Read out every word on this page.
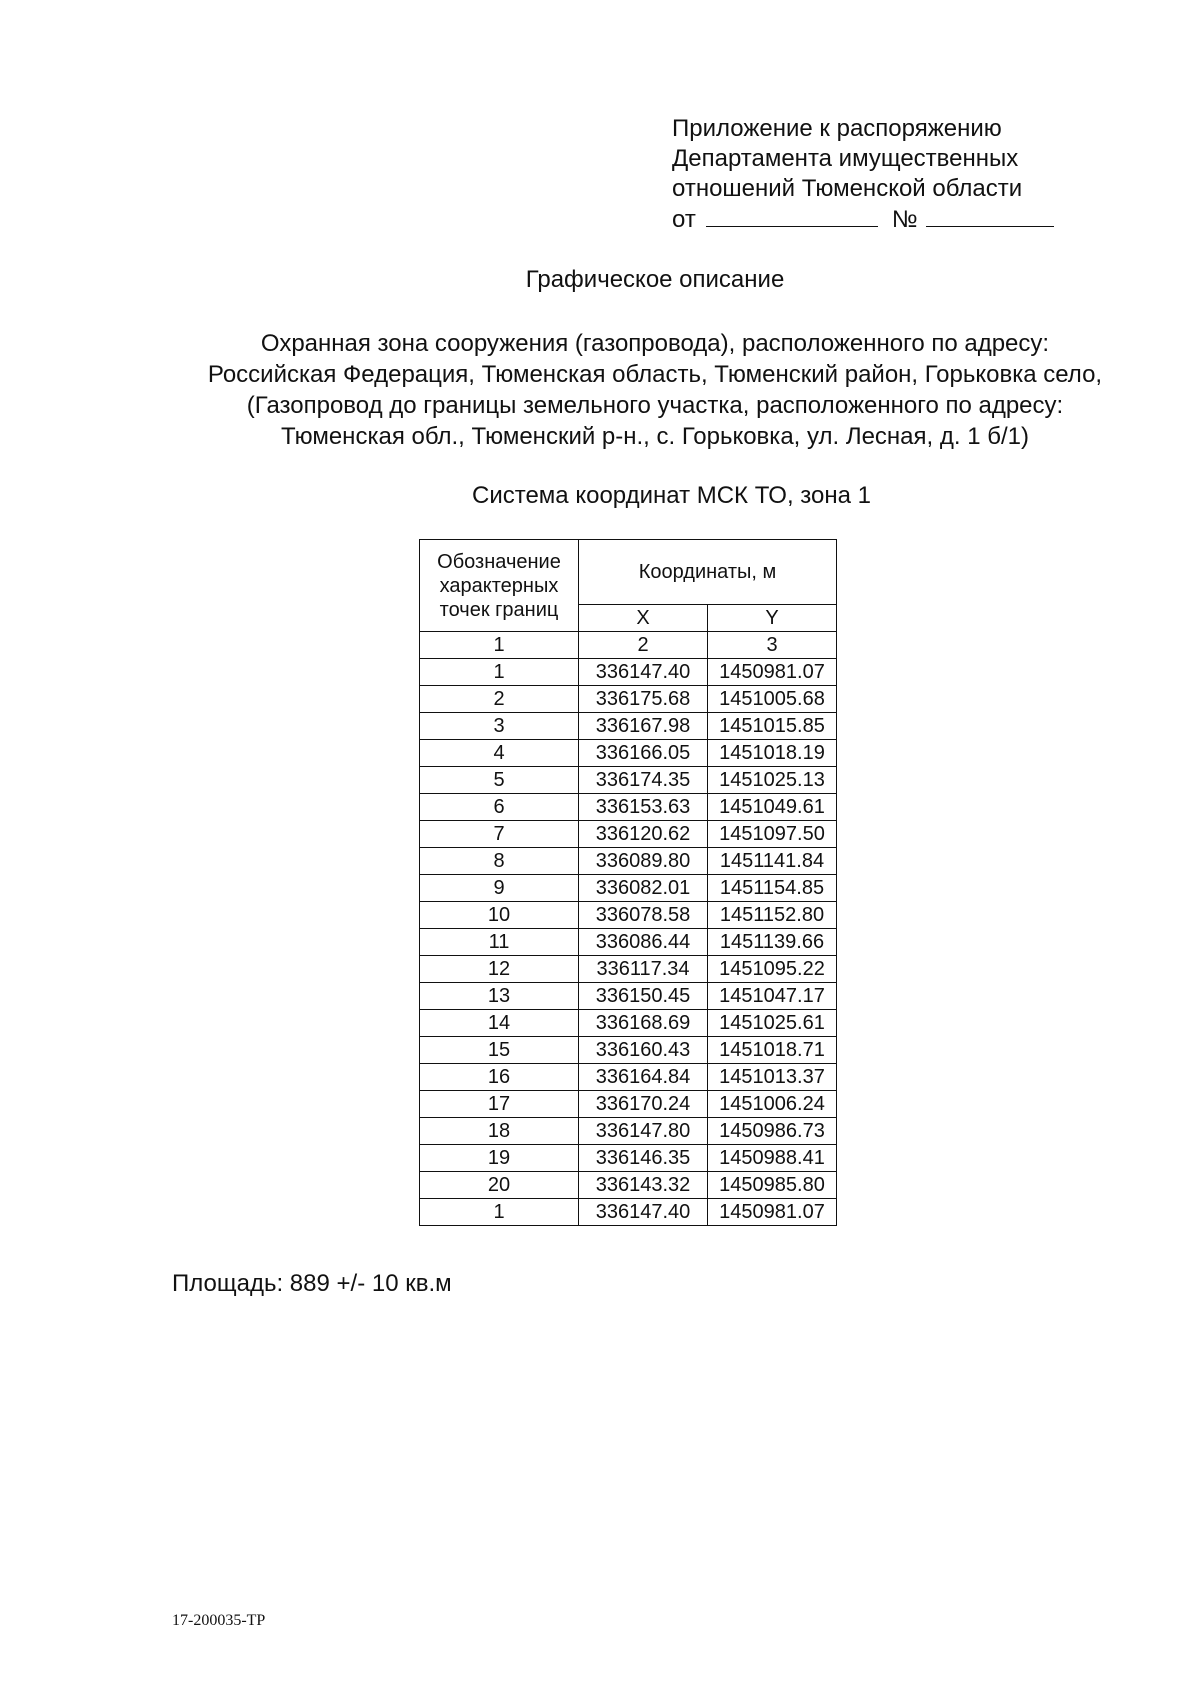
Приложение к распоряжению
Департамента имущественных
отношений Тюменской области
от	№
Графическое описание
Охранная зона сооружения (газопровода), расположенного по адресу:
Российская Федерация, Тюменская область, Тюменский район, Горьковка село,
(Газопровод до границы земельного участка, расположенного по адресу:
Тюменская обл., Тюменский р-н., с. Горьковка, ул. Лесная, д. 1 б/1)
Система координат МСК ТО, зона 1
Обозначение характерных точек границ	Координаты, м	
	X	Y
1	2	3
1	336147.40	1450981.07
2	336175.68	1451005.68
3	336167.98	1451015.85
4	336166.05	1451018.19
5	336174.35	1451025.13
6	336153.63	1451049.61
7	336120.62	1451097.50
8	336089.80	1451141.84
9	336082.01	1451154.85
10	336078.58	1451152.80
11	336086.44	1451139.66
12	336117.34	1451095.22
13	336150.45	1451047.17
14	336168.69	1451025.61
15	336160.43	1451018.71
16	336164.84	1451013.37
17	336170.24	1451006.24
18	336147.80	1450986.73
19	336146.35	1450988.41
20	336143.32	1450985.80
1	336147.40	1450981.07
Площадь: 889 +/- 10 кв.м
17-200035-ТР
